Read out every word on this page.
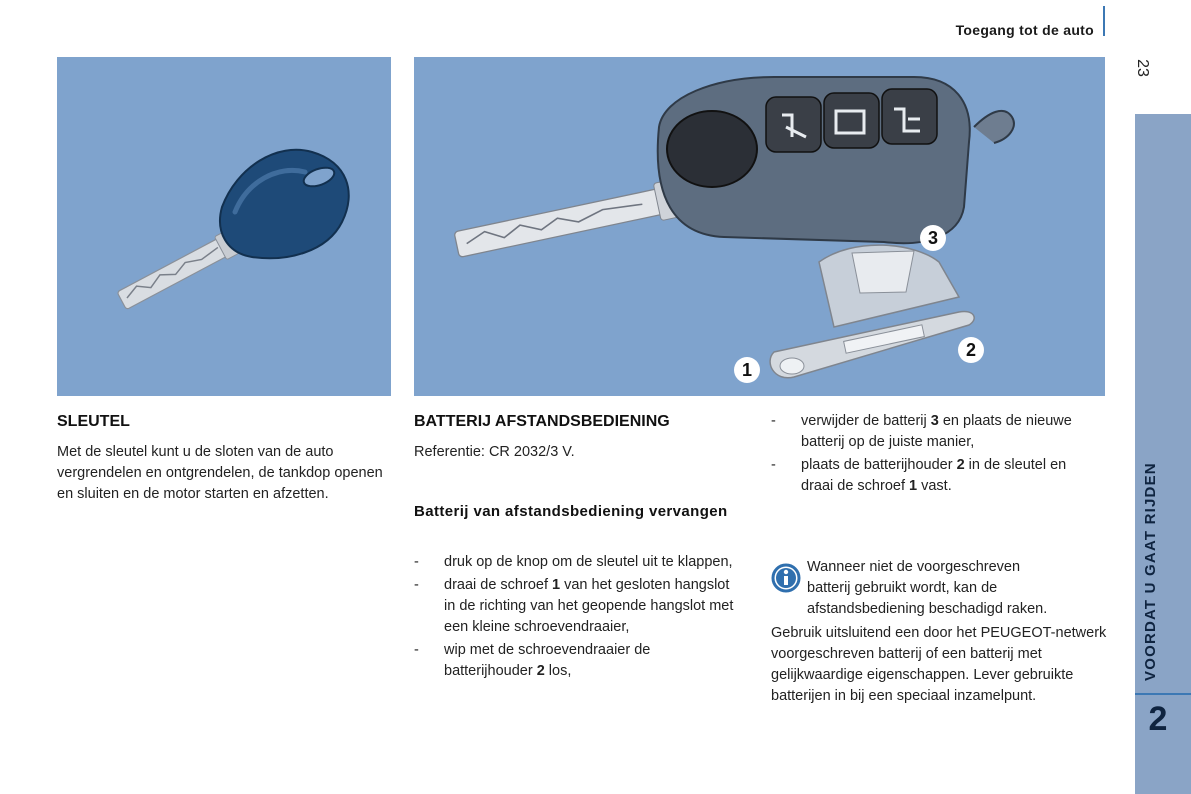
Toegang tot de auto
23
VOORDAT U GAAT RIJDEN
2
1
2
3
SLEUTEL
Met de sleutel kunt u de sloten van de auto vergrendelen en ontgrendelen, de tankdop openen en sluiten en de motor starten en afzetten.
BATTERIJ AFSTANDSBEDIENING
Referentie: CR 2032/3 V.
Batterij van afstandsbediening vervangen
- druk op de knop om de sleutel uit te klappen,
- draai de schroef 1 van het gesloten hangslot in de richting van het geopende hangslot met een kleine schroevendraaier,
- wip met de schroevendraaier de batterijhouder 2 los,
- verwijder de batterij 3 en plaats de nieuwe batterij op de juiste manier,
- plaats de batterijhouder 2 in de sleutel en draai de schroef 1 vast.
Wanneer niet de voorgeschreven
batterij gebruikt wordt, kan de
afstandsbediening beschadigd raken.
Gebruik uitsluitend een door het PEUGEOT-netwerk voorgeschreven batterij of een batterij met gelijkwaardige eigenschappen. Lever gebruikte batterijen in bij een speciaal inzamelpunt.
